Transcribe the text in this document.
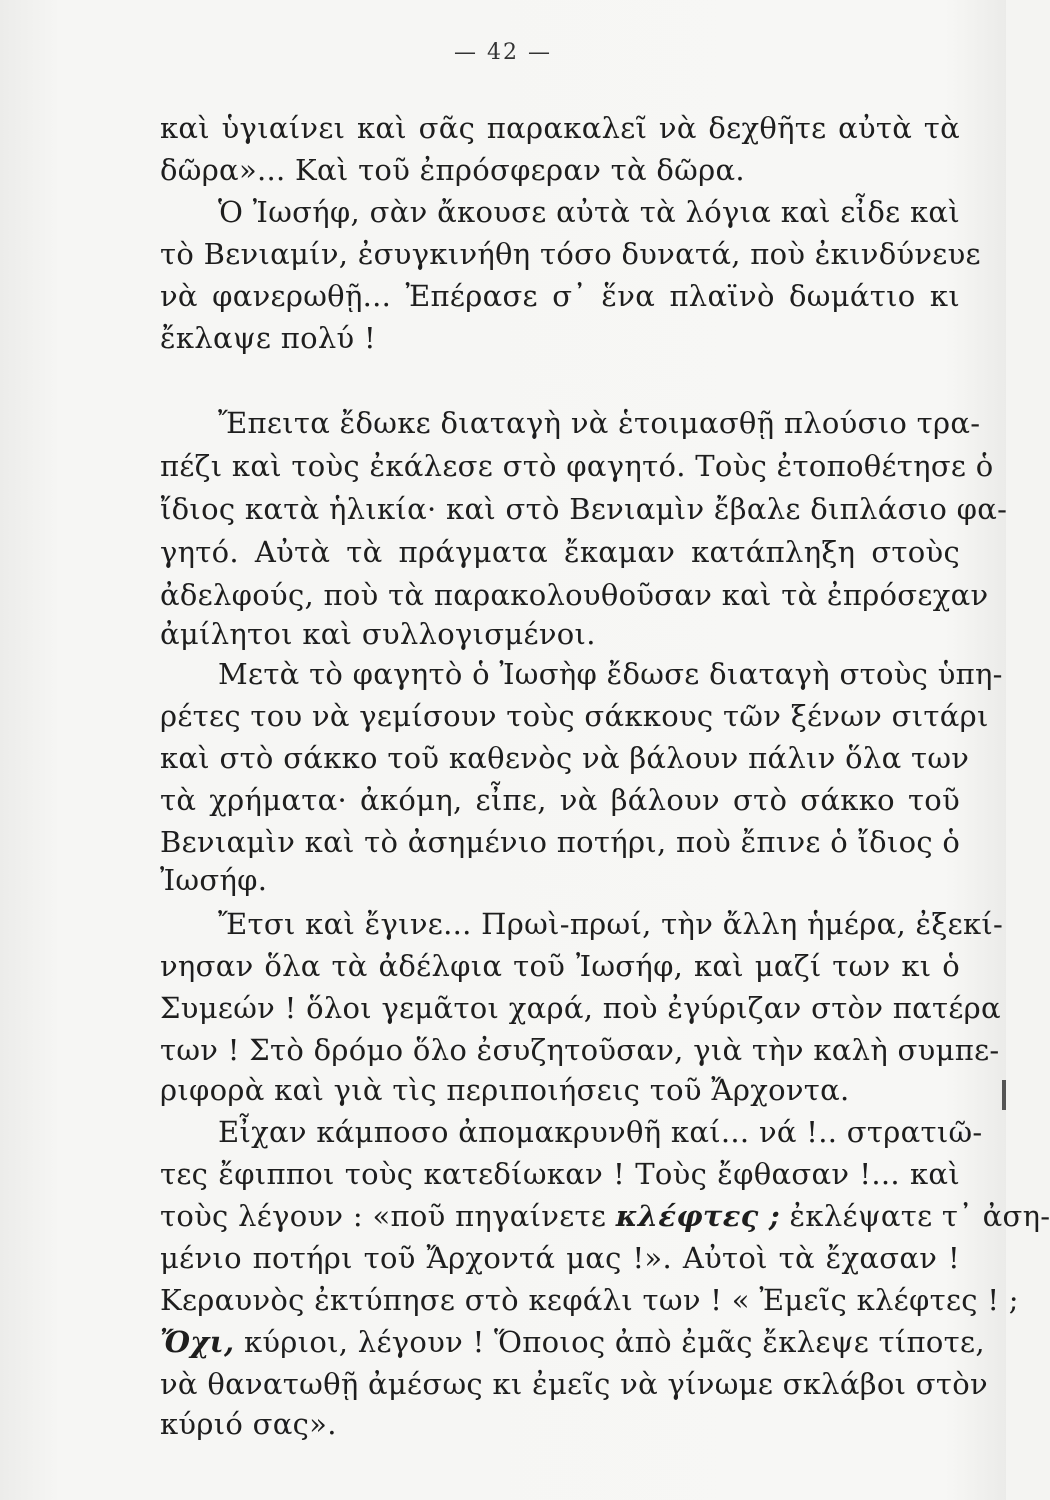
— 42 —
καὶ ὑγιαίνει καὶ σᾶς παρακαλεῖ νὰ δεχθῆτε αὐτὰ τὰ
δῶρα»... Καὶ τοῦ ἐπρόσφεραν τὰ δῶρα.
Ὁ Ἰωσήφ, σὰν ἄκουσε αὐτὰ τὰ λόγια καὶ εἶδε καὶ
τὸ Βενιαμίν, ἐσυγκινήθη τόσο δυνατά, ποὺ ἐκινδύνευε
νὰ φανερωθῇ... Ἐπέρασε σ᾽ ἕνα πλαϊνὸ δωμάτιο κι
ἔκλαψε πολύ !
Ἔπειτα ἔδωκε διαταγὴ νὰ ἑτοιμασθῇ πλούσιο τρα-
πέζι καὶ τοὺς ἐκάλεσε στὸ φαγητό. Τοὺς ἐτοποθέτησε ὁ
ἴδιος κατὰ ἡλικία· καὶ στὸ Βενιαμὶν ἔβαλε διπλάσιο φα-
γητό. Αὐτὰ τὰ πράγματα ἔκαμαν κατάπληξη στοὺς
ἀδελφούς, ποὺ τὰ παρακολουθοῦσαν καὶ τὰ ἐπρόσεχαν
ἀμίλητοι καὶ συλλογισμένοι.
Μετὰ τὸ φαγητὸ ὁ Ἰωσὴφ ἔδωσε διαταγὴ στοὺς ὑπη-
ρέτες του νὰ γεμίσουν τοὺς σάκκους τῶν ξένων σιτάρι
καὶ στὸ σάκκο τοῦ καθενὸς νὰ βάλουν πάλιν ὅλα των
τὰ χρήματα· ἀκόμη, εἶπε, νὰ βάλουν στὸ σάκκο τοῦ
Βενιαμὶν καὶ τὸ ἀσημένιο ποτήρι, ποὺ ἔπινε ὁ ἴδιος ὁ
Ἰωσήφ.
Ἔτσι καὶ ἔγινε... Πρωὶ-πρωί, τὴν ἄλλη ἡμέρα, ἐξεκί-
νησαν ὅλα τὰ ἀδέλφια τοῦ Ἰωσήφ, καὶ μαζί των κι ὁ
Συμεών ! ὅλοι γεμᾶτοι χαρά, ποὺ ἐγύριζαν στὸν πατέρα
των ! Στὸ δρόμο ὅλο ἐσυζητοῦσαν, γιὰ τὴν καλὴ συμπε-
ριφορὰ καὶ γιὰ τὶς περιποιήσεις τοῦ Ἄρχοντα.
Εἶχαν κάμποσο ἀπομακρυνθῆ καί... νά !.. στρατιῶ-
τες ἔφιπποι τοὺς κατεδίωκαν ! Τοὺς ἔφθασαν !... καὶ
τοὺς λέγουν : «ποῦ πηγαίνετε κλέφτες ; ἐκλέψατε τ᾽ ἀση-
μένιο ποτήρι τοῦ Ἄρχοντά μας !». Αὐτοὶ τὰ ἔχασαν !
Κεραυνὸς ἐκτύπησε στὸ κεφάλι των ! « Ἐμεῖς κλέφτες ! ;
Ὄχι, κύριοι, λέγουν ! Ὅποιος ἀπὸ ἐμᾶς ἔκλεψε τίποτε,
νὰ θανατωθῇ ἀμέσως κι ἐμεῖς νὰ γίνωμε σκλάβοι στὸν
κύριό σας».
